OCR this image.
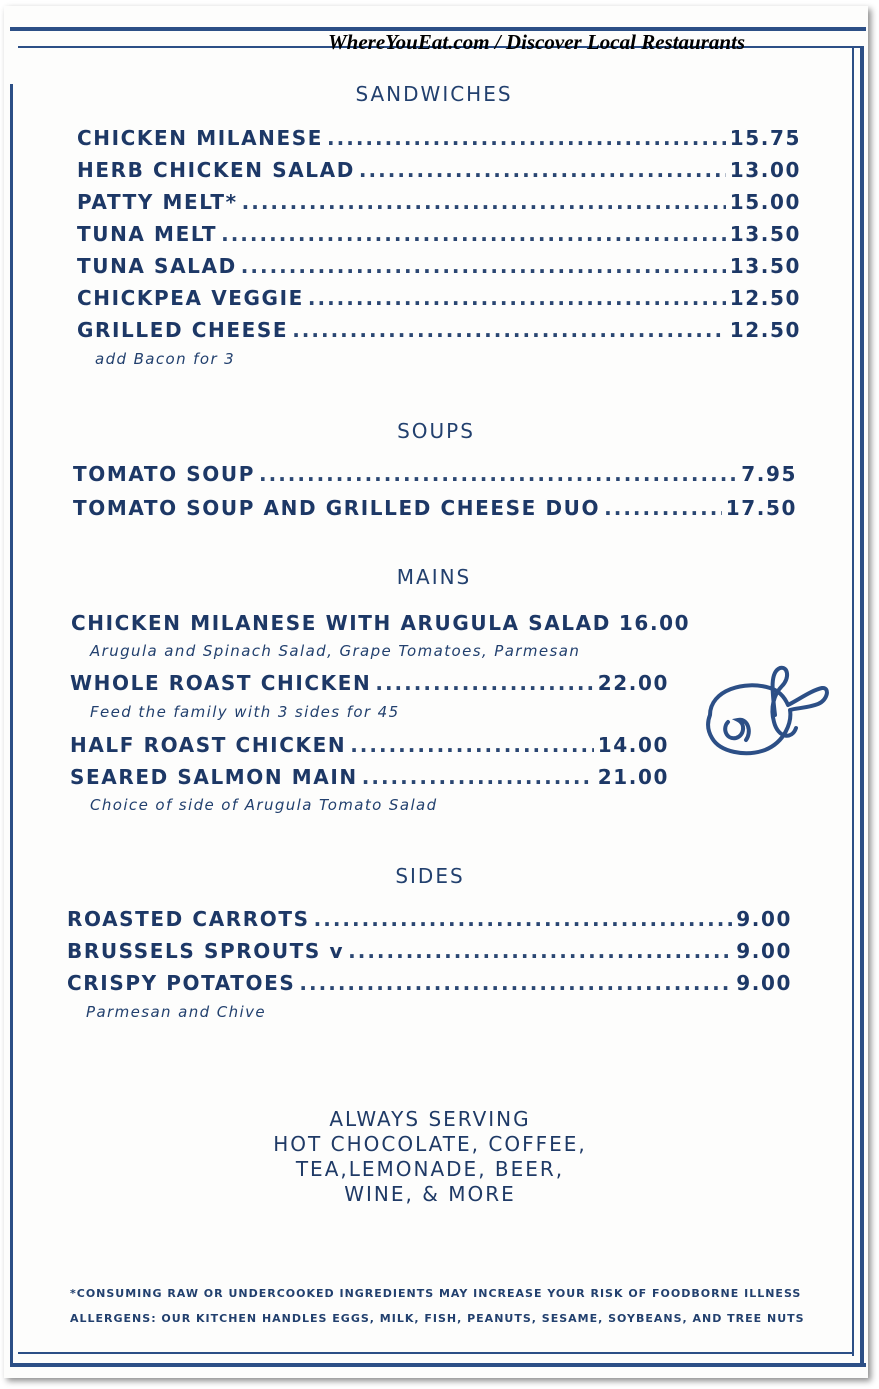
WhereYouEat.com / Discover Local Restaurants
SANDWICHES
CHICKEN MILANESE .....	15.75
HERB CHICKEN SALAD .....	13.00
PATTY MELT* .....	15.00
TUNA MELT .....	13.50
TUNA SALAD .....	13.50
CHICKPEA VEGGIE .....	12.50
GRILLED CHEESE .....	12.50
add Bacon for 3
SOUPS
TOMATO SOUP .....	7.95
TOMATO SOUP AND GRILLED CHEESE DUO .....	17.50
MAINS
CHICKEN MILANESE WITH ARUGULA SALAD 16.00
Arugula and Spinach Salad, Grape Tomatoes, Parmesan
WHOLE ROAST CHICKEN .....	22.00
Feed the family with 3 sides for 45
HALF ROAST CHICKEN .....	14.00
SEARED SALMON MAIN .....	21.00
Choice of side of Arugula Tomato Salad
SIDES
ROASTED CARROTS .....	9.00
BRUSSELS SPROUTS v .....	9.00
CRISPY POTATOES .....	9.00
Parmesan and Chive
ALWAYS SERVING
HOT CHOCOLATE, COFFEE,
TEA,LEMONADE, BEER,
WINE, & MORE
*CONSUMING RAW OR UNDERCOOKED INGREDIENTS MAY INCREASE YOUR RISK OF FOODBORNE ILLNESS
ALLERGENS: OUR KITCHEN HANDLES EGGS, MILK, FISH, PEANUTS, SESAME, SOYBEANS, AND TREE NUTS
